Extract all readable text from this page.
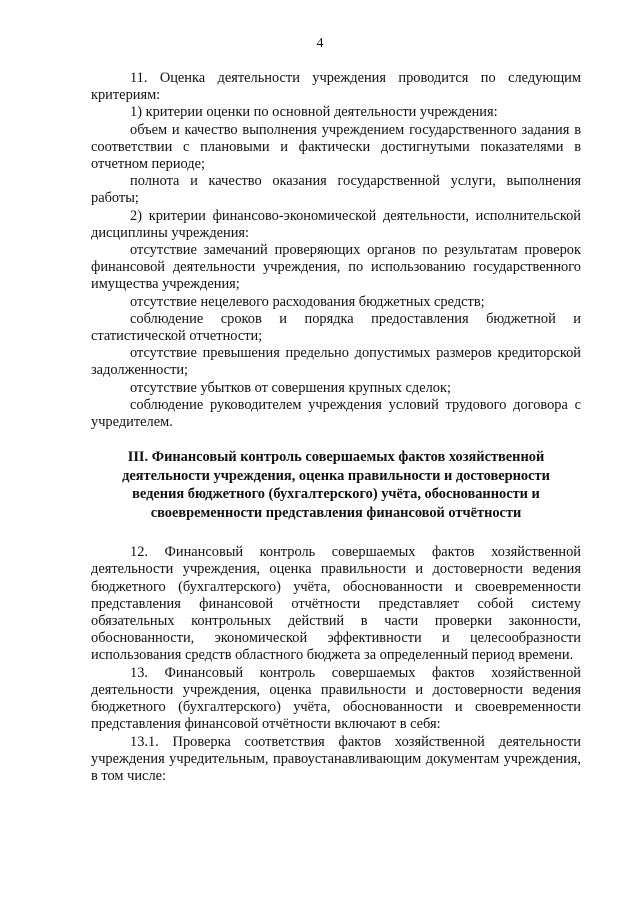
4

11. Оценка деятельности учреждения проводится по следующим критериям:

1) критерии оценки по основной деятельности учреждения:

объем и качество выполнения учреждением государственного задания в соответствии с плановыми и фактически достигнутыми показателями в отчетном периоде;

полнота и качество оказания государственной услуги, выполнения работы;

2) критерии финансово-экономической деятельности, исполнительской дисциплины учреждения:

отсутствие замечаний проверяющих органов по результатам проверок финансовой деятельности учреждения, по использованию государственного имущества учреждения;

отсутствие нецелевого расходования бюджетных средств;

соблюдение сроков и порядка предоставления бюджетной и статистической отчетности;

отсутствие превышения предельно допустимых размеров кредиторской задолженности;

отсутствие убытков от совершения крупных сделок;

соблюдение руководителем учреждения условий трудового договора с учредителем.

III. Финансовый контроль совершаемых фактов хозяйственной
деятельности учреждения, оценка правильности и достоверности
ведения бюджетного (бухгалтерского) учёта, обоснованности и
своевременности представления финансовой отчётности

12. Финансовый контроль совершаемых фактов хозяйственной деятельности учреждения, оценка правильности и достоверности ведения бюджетного (бухгалтерского) учёта, обоснованности и своевременности представления финансовой отчётности представляет собой систему обязательных контрольных действий в части проверки законности, обоснованности, экономической эффективности и целесообразности использования средств областного бюджета за определенный период времени.

13. Финансовый контроль совершаемых фактов хозяйственной деятельности учреждения, оценка правильности и достоверности ведения бюджетного (бухгалтерского) учёта, обоснованности и своевременности представления финансовой отчётности включают в себя:

13.1. Проверка соответствия фактов хозяйственной деятельности учреждения учредительным, правоустанавливающим документам учреждения, в том числе:
